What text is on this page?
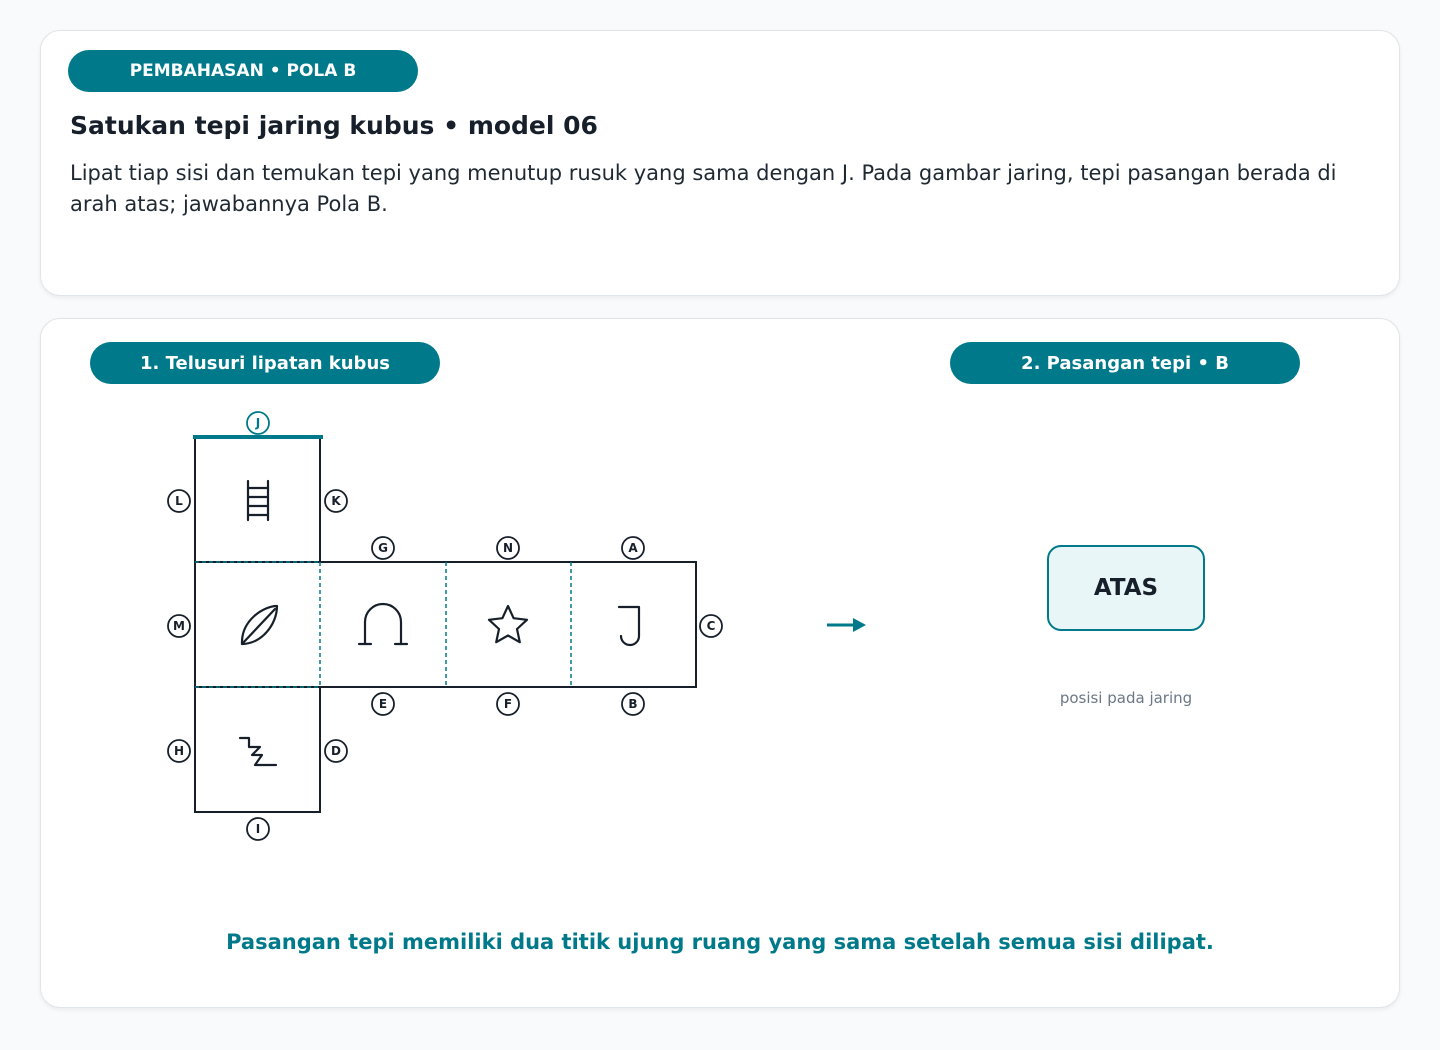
PEMBAHASAN • POLA B
Satukan tepi jaring kubus • model 06

Lipat tiap sisi dan temukan tepi yang menutup rusuk yang sama dengan J. Pada gambar jaring, tepi pasangan berada di arah atas; jawabannya Pola B.

1. Telusuri lipatan kubus	2. Pasangan tepi • B
J
L	K
G	N	A
M	C
E	F	B
H	D
I
ATAS
posisi pada jaring
Pasangan tepi memiliki dua titik ujung ruang yang sama setelah semua sisi dilipat.
